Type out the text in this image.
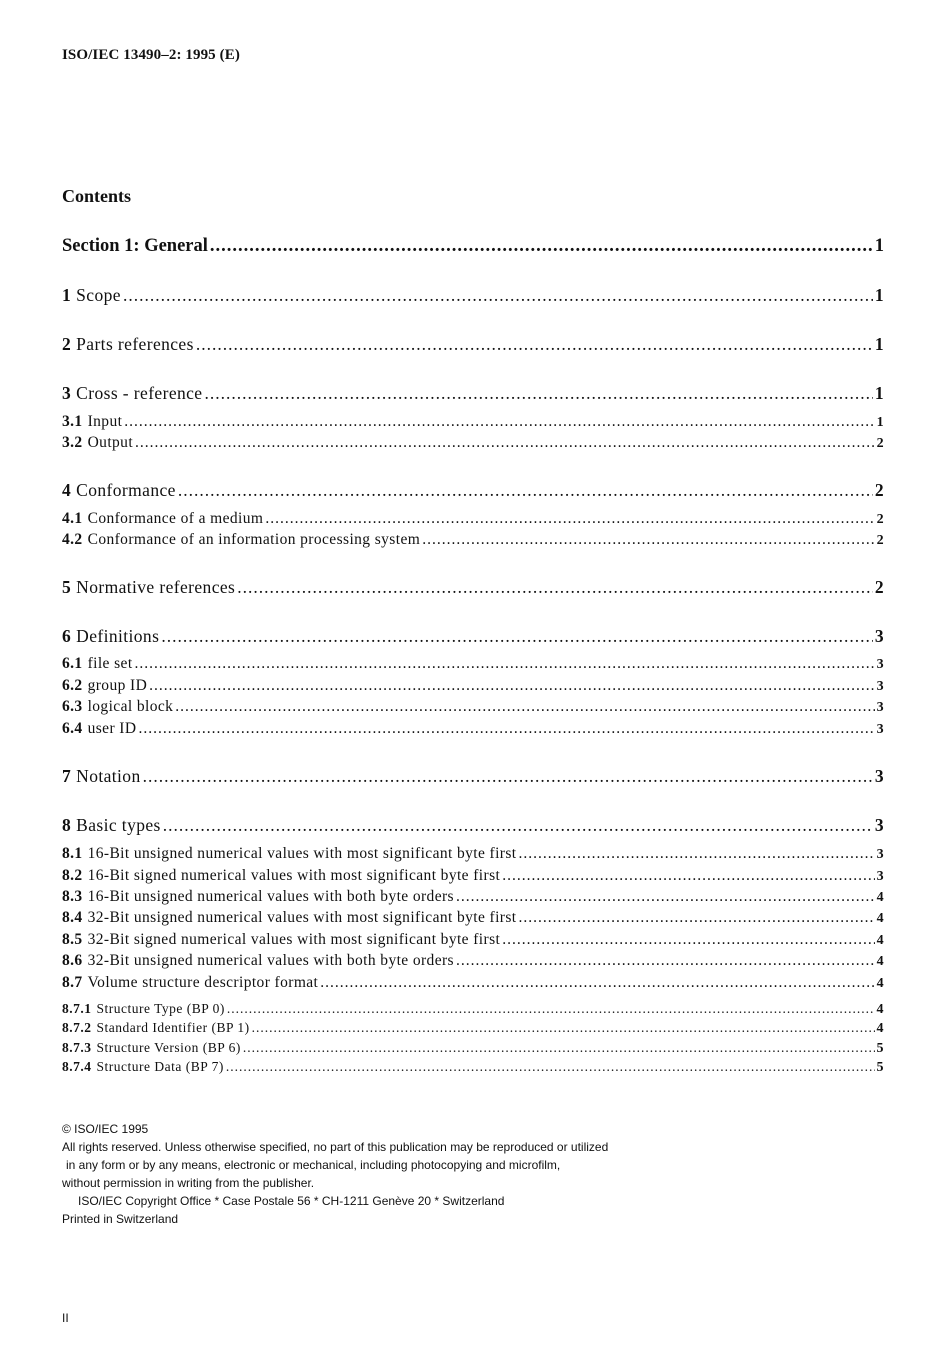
ISO/IEC 13490–2: 1995 (E)
Contents
Section 1: General .....	1
1 Scope .....	1
2 Parts references .....	1
3 Cross - reference .....	1
3.1 Input .....	1
3.2 Output .....	2
4 Conformance .....	2
4.1 Conformance of a medium .....	2
4.2 Conformance of an information processing system .....	2
5 Normative references .....	2
6 Definitions .....	3
6.1 file set .....	3
6.2 group ID .....	3
6.3 logical block .....	3
6.4 user ID .....	3
7 Notation .....	3
8 Basic types .....	3
8.1 16-Bit unsigned numerical values with most significant byte first .....	3
8.2 16-Bit signed numerical values with most significant byte first .....	3
8.3 16-Bit unsigned numerical values with both byte orders .....	4
8.4 32-Bit unsigned numerical values with most significant byte first .....	4
8.5 32-Bit signed numerical values with most significant byte first .....	4
8.6 32-Bit unsigned numerical values with both byte orders .....	4
8.7 Volume structure descriptor format .....	4
8.7.1 Structure Type (BP 0) .....	4
8.7.2 Standard Identifier (BP 1) .....	4
8.7.3 Structure Version (BP 6) .....	5
8.7.4 Structure Data (BP 7) .....	5
© ISO/IEC 1995
All rights reserved. Unless otherwise specified, no part of this publication may be reproduced or utilized
in any form or by any means, electronic or mechanical, including photocopying and microfilm,
without permission in writing from the publisher.
ISO/IEC Copyright Office * Case Postale 56 * CH-1211 Genève 20 * Switzerland
Printed in Switzerland
II
